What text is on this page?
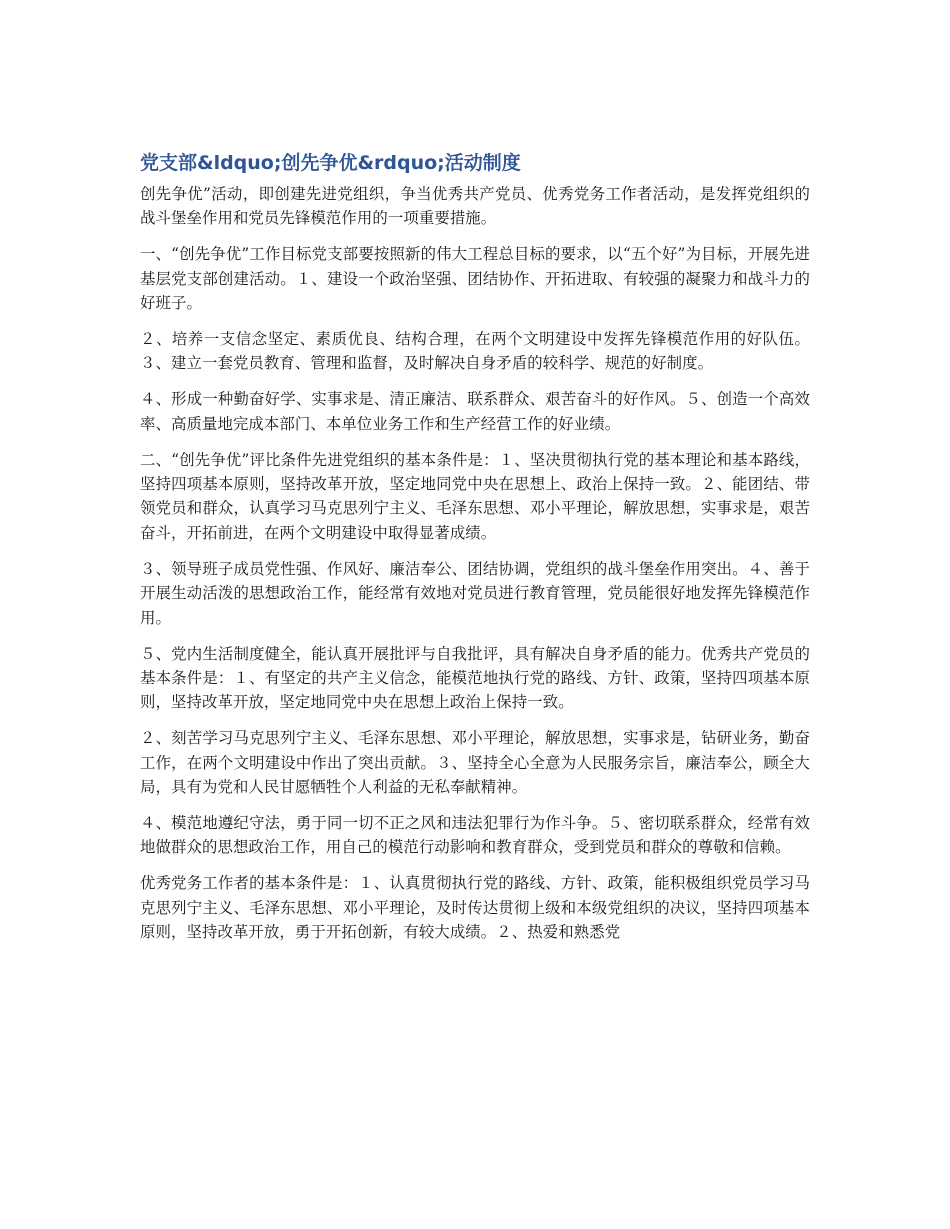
党支部&ldquo;创先争优&rdquo;活动制度

创先争优”活动，即创建先进党组织，争当优秀共产党员、优秀党务工作者活动，是发挥党组织的战斗堡垒作用和党员先锋模范作用的一项重要措施。

一、“创先争优”工作目标党支部要按照新的伟大工程总目标的要求，以“五个好”为目标，开展先进基层党支部创建活动。１、建设一个政治坚强、团结协作、开拓进取、有较强的凝聚力和战斗力的好班子。

２、培养一支信念坚定、素质优良、结构合理，在两个文明建设中发挥先锋模范作用的好队伍。３、建立一套党员教育、管理和监督，及时解决自身矛盾的较科学、规范的好制度。

４、形成一种勤奋好学、实事求是、清正廉洁、联系群众、艰苦奋斗的好作风。５、创造一个高效率、高质量地完成本部门、本单位业务工作和生产经营工作的好业绩。

二、“创先争优”评比条件先进党组织的基本条件是：１、坚决贯彻执行党的基本理论和基本路线，坚持四项基本原则，坚持改革开放，坚定地同党中央在思想上、政治上保持一致。２、能团结、带领党员和群众，认真学习马克思列宁主义、毛泽东思想、邓小平理论，解放思想，实事求是，艰苦奋斗，开拓前进，在两个文明建设中取得显著成绩。

３、领导班子成员党性强、作风好、廉洁奉公、团结协调，党组织的战斗堡垒作用突出。４、善于开展生动活泼的思想政治工作，能经常有效地对党员进行教育管理，党员能很好地发挥先锋模范作用。

５、党内生活制度健全，能认真开展批评与自我批评，具有解决自身矛盾的能力。优秀共产党员的基本条件是：１、有坚定的共产主义信念，能模范地执行党的路线、方针、政策，坚持四项基本原则，坚持改革开放，坚定地同党中央在思想上政治上保持一致。

２、刻苦学习马克思列宁主义、毛泽东思想、邓小平理论，解放思想，实事求是，钻研业务，勤奋工作，在两个文明建设中作出了突出贡献。３、坚持全心全意为人民服务宗旨，廉洁奉公，顾全大局，具有为党和人民甘愿牺牲个人利益的无私奉献精神。

４、模范地遵纪守法，勇于同一切不正之风和违法犯罪行为作斗争。５、密切联系群众，经常有效地做群众的思想政治工作，用自己的模范行动影响和教育群众，受到党员和群众的尊敬和信赖。

优秀党务工作者的基本条件是：１、认真贯彻执行党的路线、方针、政策，能积极组织党员学习马克思列宁主义、毛泽东思想、邓小平理论，及时传达贯彻上级和本级党组织的决议，坚持四项基本原则，坚持改革开放，勇于开拓创新，有较大成绩。２、热爱和熟悉党
